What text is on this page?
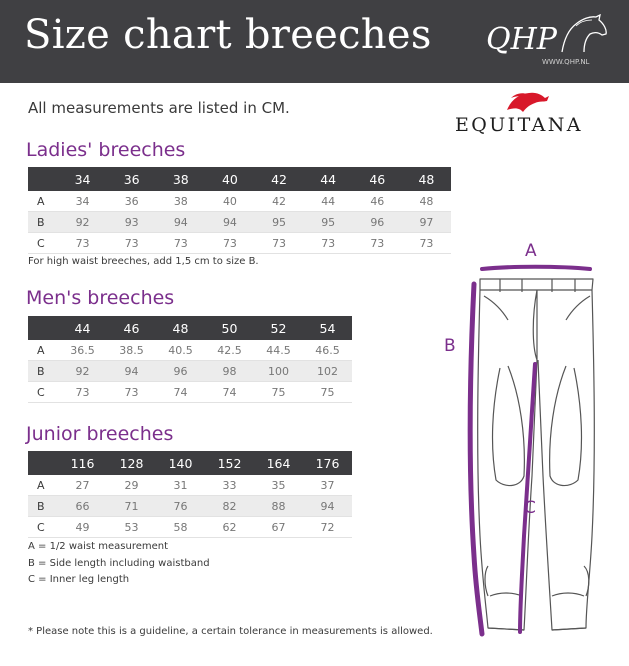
Size chart breeches QHP
WWW.QHP.NL
All measurements are listed in CM.
EQUITANA
Ladies' breeches
	34	36	38	40	42	44	46	48
A	34	36	38	40	42	44	46	48
B	92	93	94	94	95	95	96	97
C	73	73	73	73	73	73	73	73
For high waist breeches, add 1,5 cm to size B.
Men's breeches
	44	46	48	50	52	54
A	36.5	38.5	40.5	42.5	44.5	46.5
B	92	94	96	98	100	102
C	73	73	74	74	75	75
Junior breeches
	116	128	140	152	164	176
A	27	29	31	33	35	37
B	66	71	76	82	88	94
C	49	53	58	62	67	72
A = 1/2 waist measurement
B = Side length including waistband
C = Inner leg length
* Please note this is a guideline, a certain tolerance in measurements is allowed.
A
B
C
